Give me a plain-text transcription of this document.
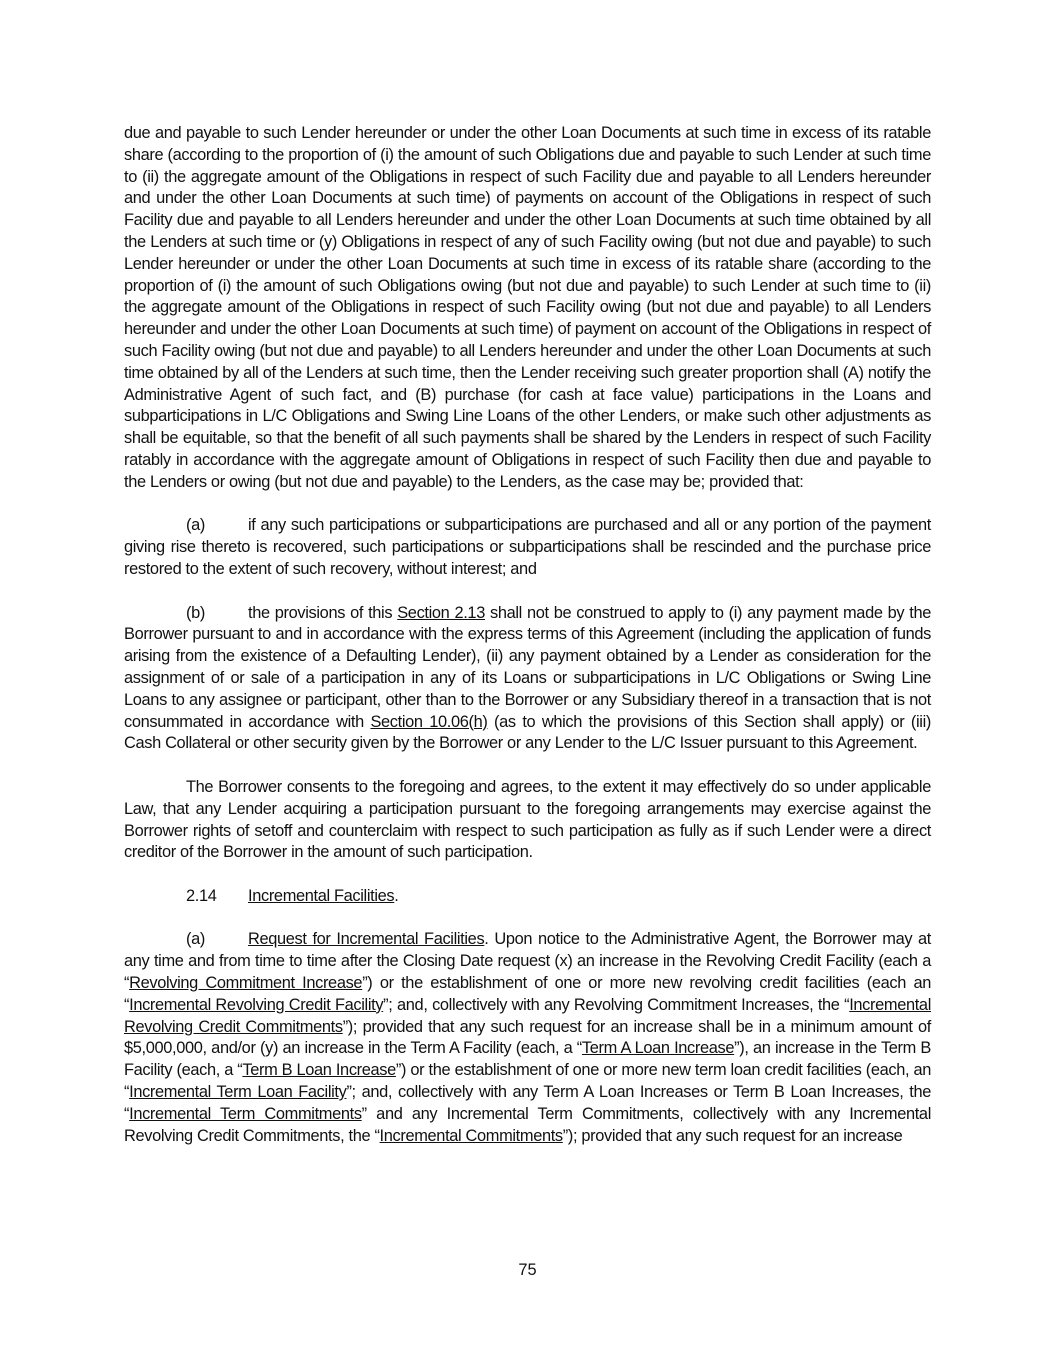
due and payable to such Lender hereunder or under the other Loan Documents at such time in excess of its ratable share (according to the proportion of (i) the amount of such Obligations due and payable to such Lender at such time to (ii) the aggregate amount of the Obligations in respect of such Facility due and payable to all Lenders hereunder and under the other Loan Documents at such time) of payments on account of the Obligations in respect of such Facility due and payable to all Lenders hereunder and under the other Loan Documents at such time obtained by all the Lenders at such time or (y) Obligations in respect of any of such Facility owing (but not due and payable) to such Lender hereunder or under the other Loan Documents at such time in excess of its ratable share (according to the proportion of (i) the amount of such Obligations owing (but not due and payable) to such Lender at such time to (ii) the aggregate amount of the Obligations in respect of such Facility owing (but not due and payable) to all Lenders hereunder and under the other Loan Documents at such time) of payment on account of the Obligations in respect of such Facility owing (but not due and payable) to all Lenders hereunder and under the other Loan Documents at such time obtained by all of the Lenders at such time, then the Lender receiving such greater proportion shall (A) notify the Administrative Agent of such fact, and (B) purchase (for cash at face value) participations in the Loans and subparticipations in L/C Obligations and Swing Line Loans of the other Lenders, or make such other adjustments as shall be equitable, so that the benefit of all such payments shall be shared by the Lenders in respect of such Facility ratably in accordance with the aggregate amount of Obligations in respect of such Facility then due and payable to the Lenders or owing (but not due and payable) to the Lenders, as the case may be; provided that:

(a)	if any such participations or subparticipations are purchased and all or any portion of the payment giving rise thereto is recovered, such participations or subparticipations shall be rescinded and the purchase price restored to the extent of such recovery, without interest; and

(b)	the provisions of this Section 2.13 shall not be construed to apply to (i) any payment made by the Borrower pursuant to and in accordance with the express terms of this Agreement (including the application of funds arising from the existence of a Defaulting Lender), (ii) any payment obtained by a Lender as consideration for the assignment of or sale of a participation in any of its Loans or subparticipations in L/C Obligations or Swing Line Loans to any assignee or participant, other than to the Borrower or any Subsidiary thereof in a transaction that is not consummated in accordance with Section 10.06(h) (as to which the provisions of this Section shall apply) or (iii) Cash Collateral or other security given by the Borrower or any Lender to the L/C Issuer pursuant to this Agreement.

The Borrower consents to the foregoing and agrees, to the extent it may effectively do so under applicable Law, that any Lender acquiring a participation pursuant to the foregoing arrangements may exercise against the Borrower rights of setoff and counterclaim with respect to such participation as fully as if such Lender were a direct creditor of the Borrower in the amount of such participation.

2.14 Incremental Facilities.

(a)	Request for Incremental Facilities. Upon notice to the Administrative Agent, the Borrower may at any time and from time to time after the Closing Date request (x) an increase in the Revolving Credit Facility (each a “Revolving Commitment Increase”) or the establishment of one or more new revolving credit facilities (each an “Incremental Revolving Credit Facility”; and, collectively with any Revolving Commitment Increases, the “Incremental Revolving Credit Commitments”); provided that any such request for an increase shall be in a minimum amount of $5,000,000, and/or (y) an increase in the Term A Facility (each, a “Term A Loan Increase”), an increase in the Term B Facility (each, a “Term B Loan Increase”) or the establishment of one or more new term loan credit facilities (each, an “Incremental Term Loan Facility”; and, collectively with any Term A Loan Increases or Term B Loan Increases, the “Incremental Term Commitments” and any Incremental Term Commitments, collectively with any Incremental Revolving Credit Commitments, the “Incremental Commitments”); provided that any such request for an increase

75
